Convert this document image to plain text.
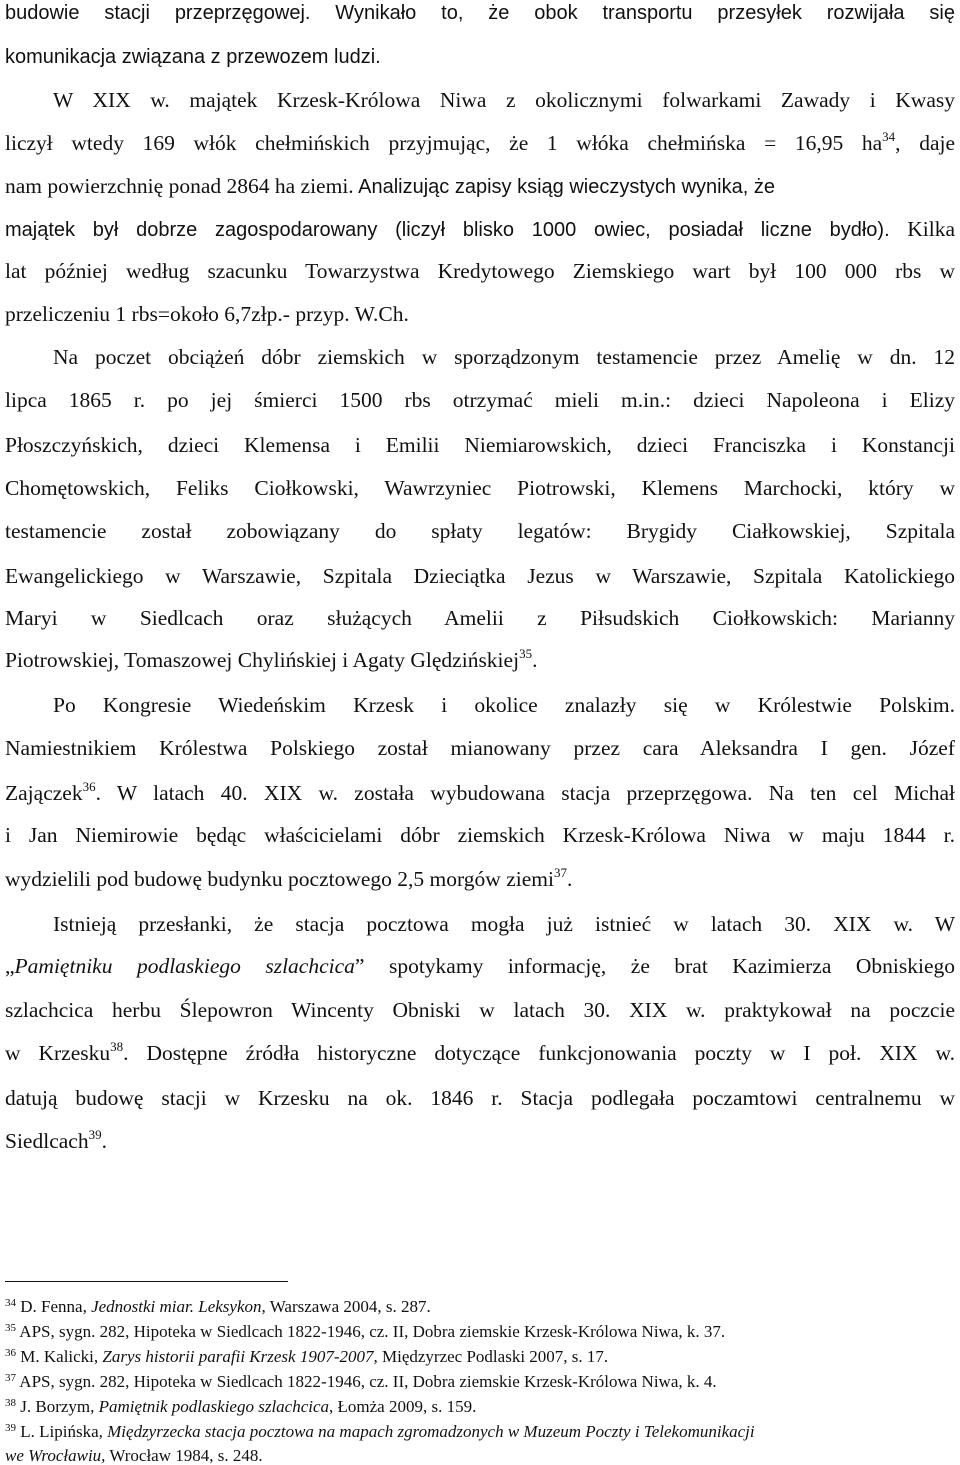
budowie stacji przeprzęgowej. Wynikało to, że obok transportu przesyłek rozwijała się
komunikacja związana z przewozem ludzi.
W XIX w. majątek Krzesk-Królowa Niwa z okolicznymi folwarkami Zawady i Kwasy
liczył wtedy 169 włók chełmińskich przyjmując, że 1 włóka chełmińska = 16,95 $ha^{34}$, daje
nam powierzchnię ponad 2864 ha ziemi. Analizując zapisy ksiąg wieczystych wynika, że
majątek był dobrze zagospodarowany (liczył blisko 1000 owiec, posiadał liczne bydło). Kilka
lat później według szacunku Towarzystwa Kredytowego Ziemskiego wart był 100 000 rbs w
przeliczeniu 1 rbs=około 6,7złp.- przyp. W.Ch.
Na poczet obciążeń dóbr ziemskich w sporządzonym testamencie przez Amelię w dn. 12
lipca 1865 r. po jej śmierci 1500 rbs otrzymać mieli m.in.: dzieci Napoleona i Elizy
Płoszczyńskich, dzieci Klemensa i Emilii Niemiarowskich, dzieci Franciszka i Konstancji
Chomętowskich, Feliks Ciołkowski, Wawrzyniec Piotrowski, Klemens Marchocki, który w
testamencie został zobowiązany do spłaty legatów: Brygidy Ciałkowskiej, Szpitala
Ewangelickiego w Warszawie, Szpitala Dzieciątka Jezus w Warszawie, Szpitala Katolickiego
Maryi w Siedlcach oraz służących Amelii z Piłsudskich Ciołkowskich: Marianny
Piotrowskiej, Tomaszowej Chylińskiej i Agaty Ględzińskiej$^{35}$.
Po Kongresie Wiedeńskim Krzesk i okolice znalazły się w Królestwie Polskim.
Namiestnikiem Królestwa Polskiego został mianowany przez cara Aleksandra I gen. Józef
Zajączek$^{36}$. W latach 40. XIX w. została wybudowana stacja przeprzęgowa. Na ten cel Michał
i Jan Niemirowie będąc właścicielami dóbr ziemskich Krzesk-Królowa Niwa w maju 1844 r.
wydzielili pod budowę budynku pocztowego 2,5 morgów ziemi$^{37}$.
Istnieją przesłanki, że stacja pocztowa mogła już istnieć w latach 30. XIX w. W
„Pamiętniku podlaskiego szlachcica” spotykamy informację, że brat Kazimierza Obniskiego
szlachcica herbu Ślepowron Wincenty Obniski w latach 30. XIX w. praktykował na poczcie
w Krzesku$^{38}$. Dostępne źródła historyczne dotyczące funkcjonowania poczty w I poł. XIX w.
datują budowę stacji w Krzesku na ok. 1846 r. Stacja podlegała poczamtowi centralnemu w
Siedlcach$^{39}$.
$^{34}$ D. Fenna, Jednostki miar. Leksykon, Warszawa 2004, s. 287.
$^{35}$ APS, sygn. 282, Hipoteka w Siedlcach 1822-1946, cz. II, Dobra ziemskie Krzesk-Królowa Niwa, k. 37.
$^{36}$ M. Kalicki, Zarys historii parafii Krzesk 1907-2007, Międzyrzec Podlaski 2007, s. 17.
$^{37}$ APS, sygn. 282, Hipoteka w Siedlcach 1822-1946, cz. II, Dobra ziemskie Krzesk-Królowa Niwa, k. 4.
$^{38}$ J. Borzym, Pamiętnik podlaskiego szlachcica, Łomża 2009, s. 159.
$^{39}$ L. Lipińska, Międzyrzecka stacja pocztowa na mapach zgromadzonych w Muzeum Poczty i Telekomunikacji
we Wrocławiu, Wrocław 1984, s. 248.
